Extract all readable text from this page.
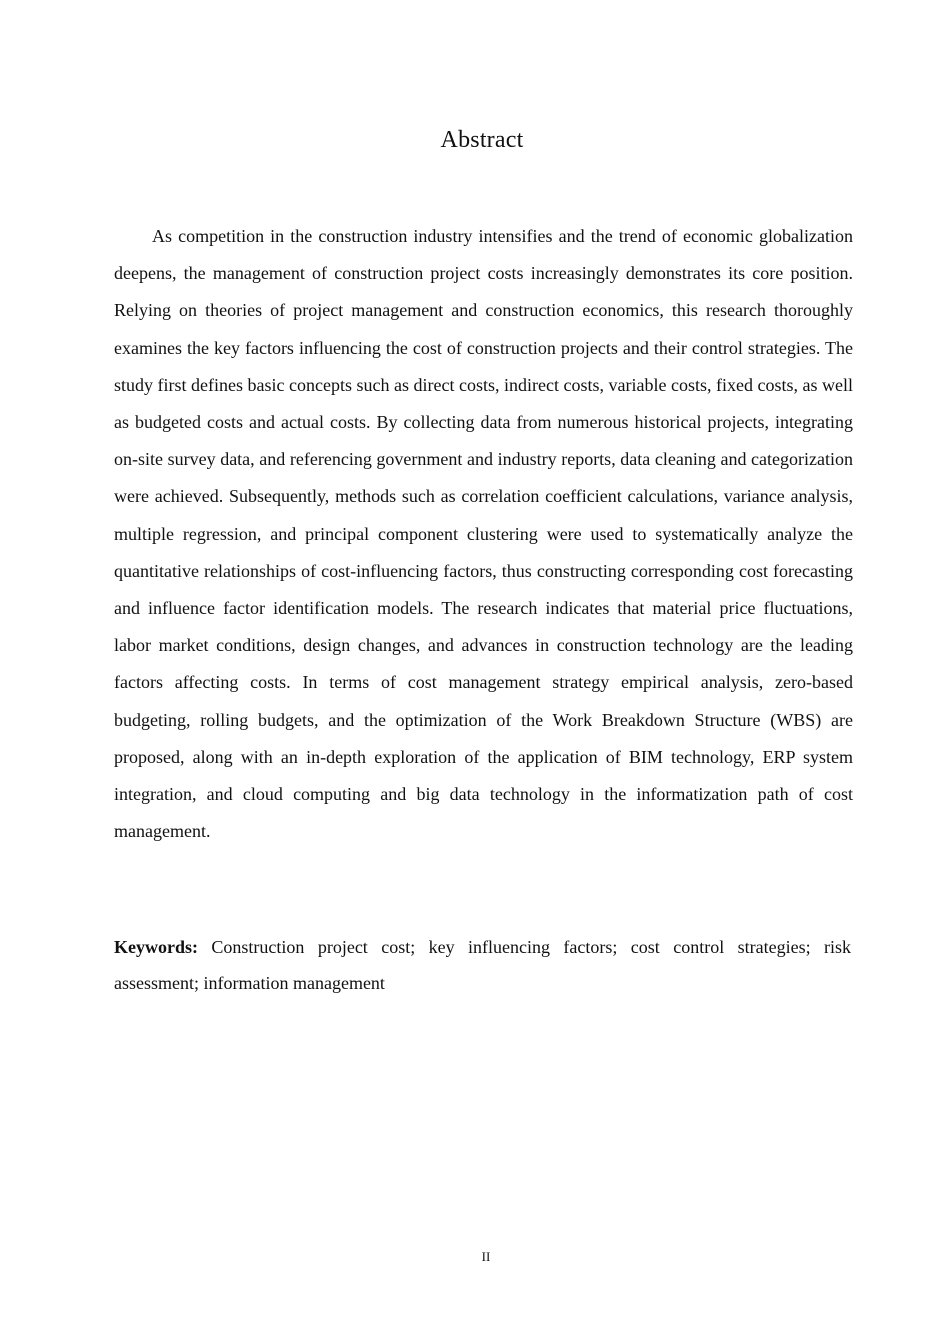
Abstract

As competition in the construction industry intensifies and the trend of economic globalization deepens, the management of construction project costs increasingly demonstrates its core position. Relying on theories of project management and construction economics, this research thoroughly examines the key factors influencing the cost of construction projects and their control strategies. The study first defines basic concepts such as direct costs, indirect costs, variable costs, fixed costs, as well as budgeted costs and actual costs. By collecting data from numerous historical projects, integrating on-site survey data, and referencing government and industry reports, data cleaning and categorization were achieved. Subsequently, methods such as correlation coefficient calculations, variance analysis, multiple regression, and principal component clustering were used to systematically analyze the quantitative relationships of cost-influencing factors, thus constructing corresponding cost forecasting and influence factor identification models. The research indicates that material price fluctuations, labor market conditions, design changes, and advances in construction technology are the leading factors affecting costs. In terms of cost management strategy empirical analysis, zero-based budgeting, rolling budgets, and the optimization of the Work Breakdown Structure (WBS) are proposed, along with an in-depth exploration of the application of BIM technology, ERP system integration, and cloud computing and big data technology in the informatization path of cost management.

Keywords: Construction project cost; key influencing factors; cost control strategies; risk assessment; information management

II
